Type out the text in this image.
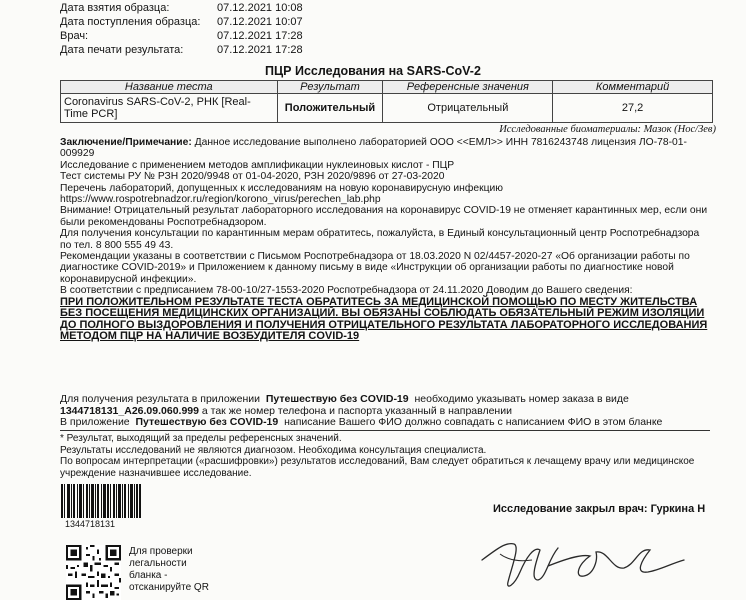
Дата взятия образца:	07.12.2021 10:08
Дата поступления образца:	07.12.2021 10:07
Врач:	07.12.2021 17:28
Дата печати результата:	07.12.2021 17:28
ПЦР Исследования на SARS-CoV-2
Название теста	Результат	Референсные значения	Комментарий
Coronavirus SARS-CoV-2, РНК [Real-Time PCR]	Положительный	Отрицательный	27,2
Исследованные биоматериалы: Мазок (Нос/Зев)

Заключение/Примечание: Данное исследование выполнено лабораторией ООО <<ЕМЛ>> ИНН 7816243748 лицензия ЛО-78-01-009929

Исследование с применением методов амплификации нуклеиновых кислот - ПЦР

Тест системы РУ № РЗН 2020/9948 от 01-04-2020, РЗН 2020/9896 от 27-03-2020

Перечень лабораторий, допущенных к исследованиям на новую коронавирусную инфекцию

https://www.rospotrebnadzor.ru/region/korono_virus/perechen_lab.php

Внимание! Отрицательный результат лабораторного исследования на коронавирус COVID-19 не отменяет карантинных мер, если они были рекомендованы Роспотребнадзором.

Для получения консультации по карантинным мерам обратитесь, пожалуйста, в Единый консультационный центр Роспотребнадзора по тел. 8 800 555 49 43.

Рекомендации указаны в соответствии с Письмом Роспотребнадзора от 18.03.2020 N 02/4457-2020-27 «Об организации работы по диагностике COVID-2019» и Приложением к данному письму в виде «Инструкции об организации работы по диагностике новой коронавирусной инфекции».

В соответствии с предписанием 78-00-10/27-1553-2020 Роспотребнадзора от 24.11.2020 Доводим до Вашего сведения:

ПРИ ПОЛОЖИТЕЛЬНОМ РЕЗУЛЬТАТЕ ТЕСТА ОБРАТИТЕСЬ ЗА МЕДИЦИНСКОЙ ПОМОЩЬЮ ПО МЕСТУ ЖИТЕЛЬСТВА БЕЗ ПОСЕЩЕНИЯ МЕДИЦИНСКИХ ОРГАНИЗАЦИЙ. ВЫ ОБЯЗАНЫ СОБЛЮДАТЬ ОБЯЗАТЕЛЬНЫЙ РЕЖИМ ИЗОЛЯЦИИ ДО ПОЛНОГО ВЫЗДОРОВЛЕНИЯ И ПОЛУЧЕНИЯ ОТРИЦАТЕЛЬНОГО РЕЗУЛЬТАТА ЛАБОРАТОРНОГО ИССЛЕДОВАНИЯ МЕТОДОМ ПЦР НА НАЛИЧИЕ ВОЗБУДИТЕЛЯ COVID-19

Для получения результата в приложении Путешествую без COVID-19 необходимо указывать номер заказа в виде

1344718131_A26.09.060.999 а так же номер телефона и паспорта указанный в направлении

В приложение Путешествую без COVID-19 написание Вашего ФИО должно совпадать с написанием ФИО в этом бланке

* Результат, выходящий за пределы референсных значений.

Результаты исследований не являются диагнозом. Необходима консультация специалиста.

По вопросам интерпретации («расшифровки») результатов исследований, Вам следует обратиться к лечащему врачу или медицинское учреждение назначившее исследование.

1344718131
Исследование закрыл врач: Гуркина Н
Для проверки легальности бланка - отсканируйте QR
